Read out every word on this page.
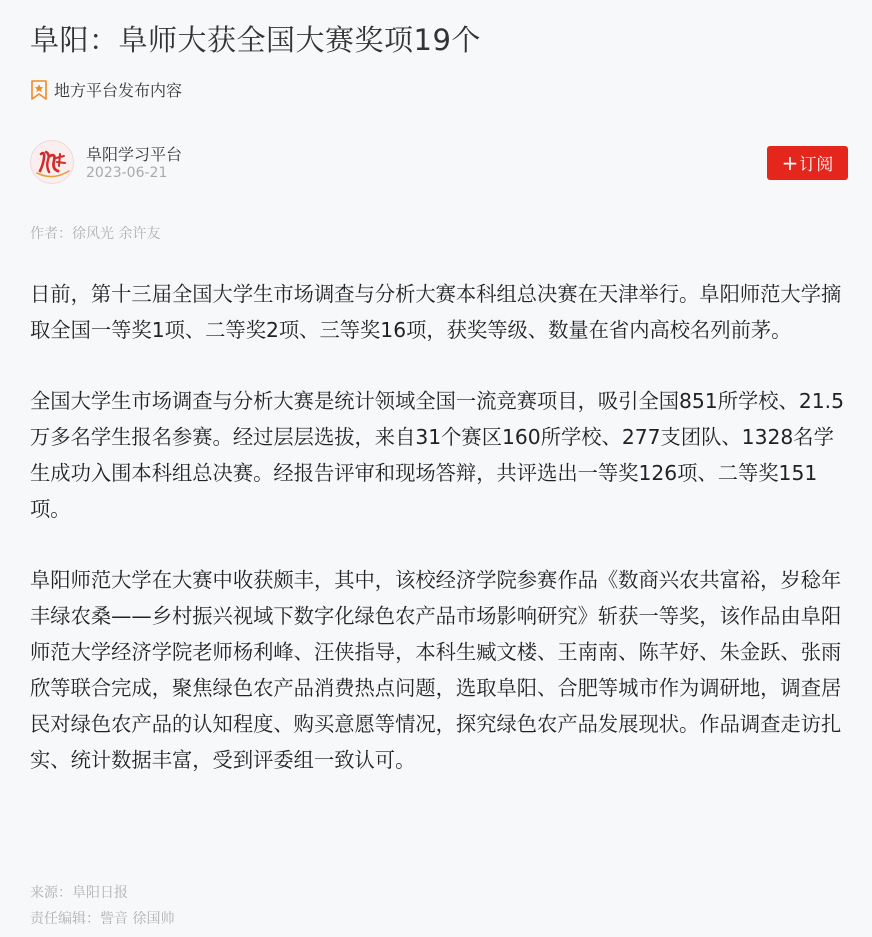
阜阳：阜师大获全国大赛奖项19个
地方平台发布内容
阜阳学习平台
2023-06-21	+订阅
作者：徐风光 余许友

日前，第十三届全国大学生市场调查与分析大赛本科组总决赛在天津举行。阜阳师范大学摘取全国一等奖1项、二等奖2项、三等奖16项，获奖等级、数量在省内高校名列前茅。

全国大学生市场调查与分析大赛是统计领域全国一流竞赛项目，吸引全国851所学校、21.5万多名学生报名参赛。经过层层选拔，来自31个赛区160所学校、277支团队、1328名学生成功入围本科组总决赛。经报告评审和现场答辩，共评选出一等奖126项、二等奖151项。

阜阳师范大学在大赛中收获颇丰，其中，该校经济学院参赛作品《数商兴农共富裕，岁稔年丰绿农桑——乡村振兴视域下数字化绿色农产品市场影响研究》斩获一等奖，该作品由阜阳师范大学经济学院老师杨利峰、汪侠指导，本科生臧文楼、王南南、陈芊妤、朱金跃、张雨欣等联合完成，聚焦绿色农产品消费热点问题，选取阜阳、合肥等城市作为调研地，调查居民对绿色农产品的认知程度、购买意愿等情况，探究绿色农产品发展现状。作品调查走访扎实、统计数据丰富，受到评委组一致认可。

来源：阜阳日报
责任编辑：訾音 徐国帅
